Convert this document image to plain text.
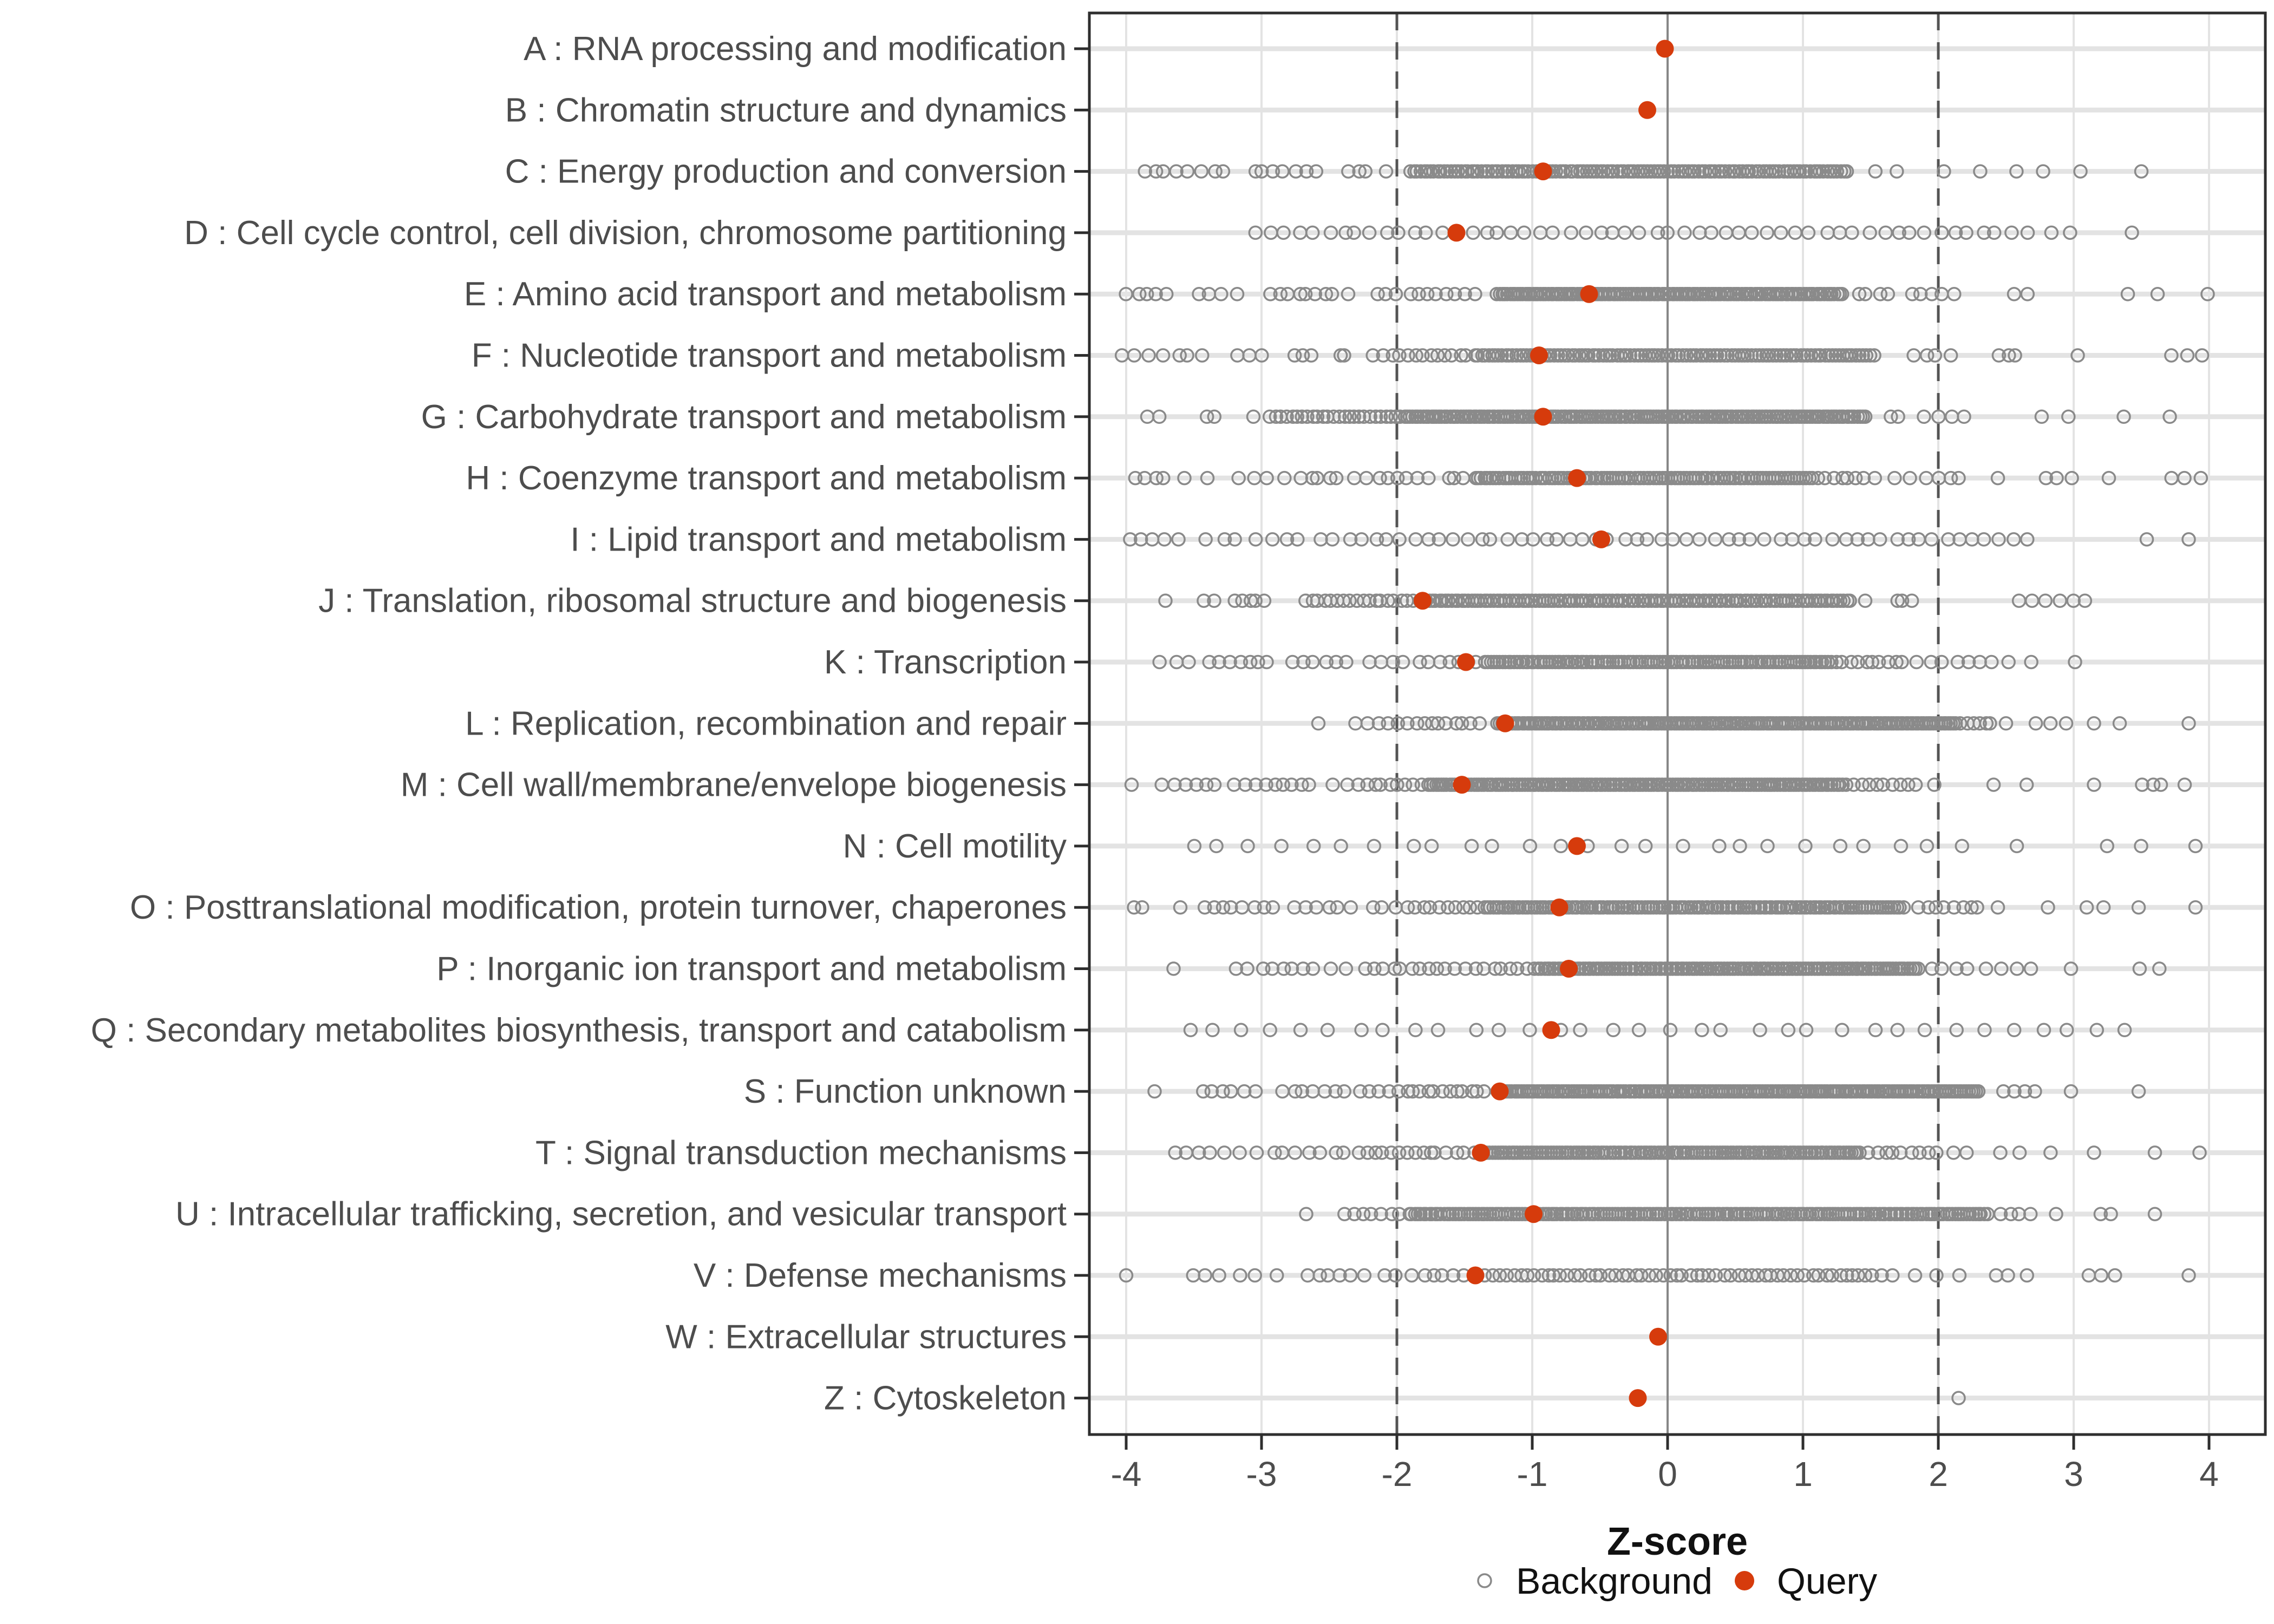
-4	-3	-2	-1	0	1	2	3	4
A : RNA processing and modification
B : Chromatin structure and dynamics
C : Energy production and conversion
D : Cell cycle control, cell division, chromosome partitioning
E : Amino acid transport and metabolism
F : Nucleotide transport and metabolism
G : Carbohydrate transport and metabolism
H : Coenzyme transport and metabolism
I : Lipid transport and metabolism
J : Translation, ribosomal structure and biogenesis
K : Transcription
L : Replication, recombination and repair
M : Cell wall/membrane/envelope biogenesis
N : Cell motility
O : Posttranslational modification, protein turnover, chaperones
P : Inorganic ion transport and metabolism
Q : Secondary metabolites biosynthesis, transport and catabolism
S : Function unknown
T : Signal transduction mechanisms
U : Intracellular trafficking, secretion, and vesicular transport
V : Defense mechanisms
W : Extracellular structures
Z : Cytoskeleton
Z-score
Background Query
